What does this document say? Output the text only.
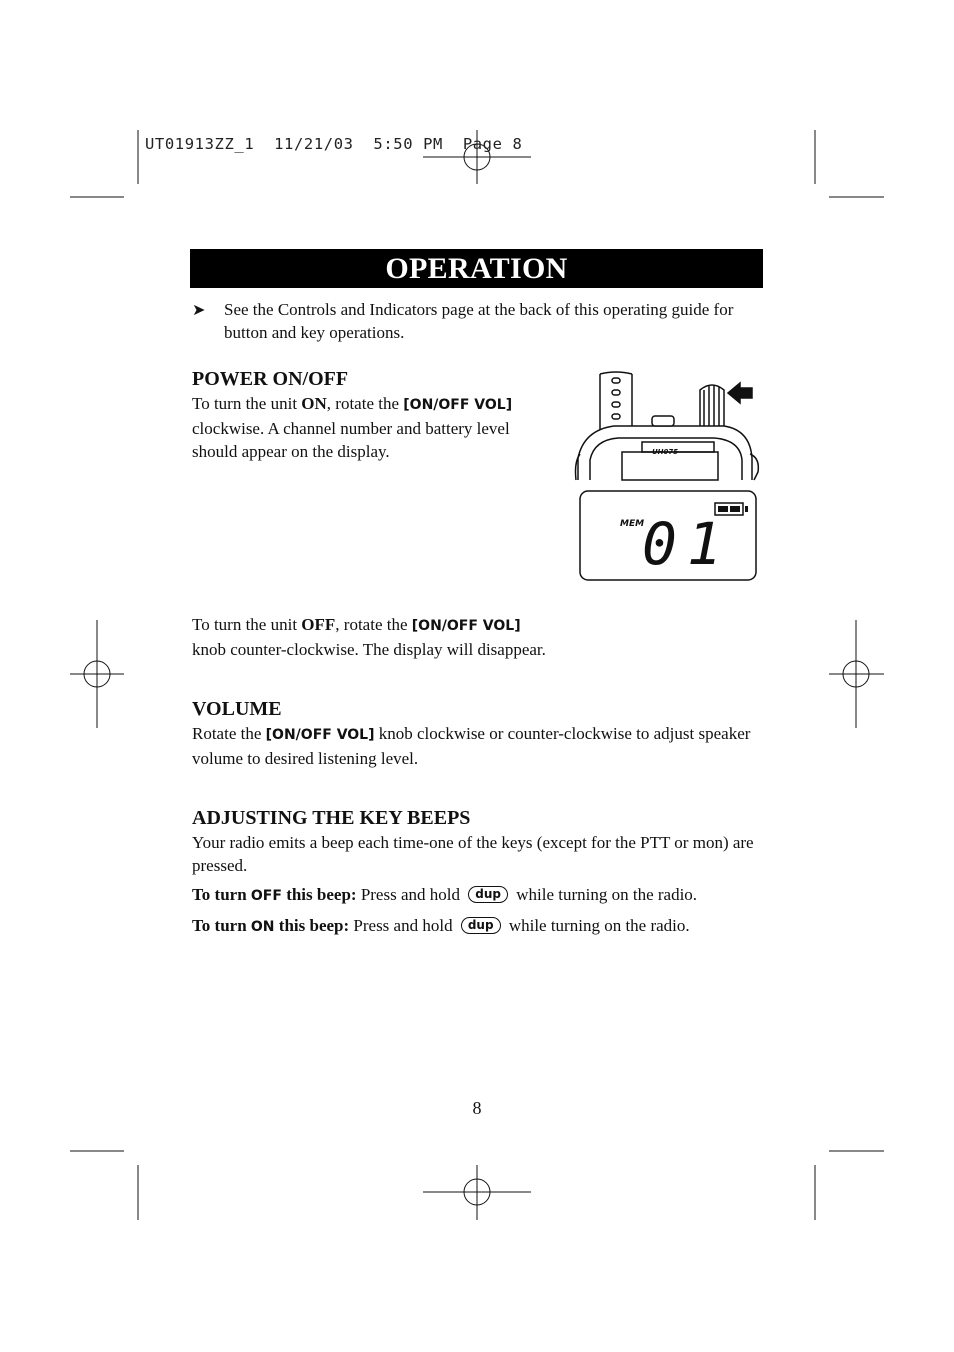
UT01913ZZ_1  11/21/03  5:50 PM  Page 8
OPERATION
➤ See the Controls and Indicators page at the back of this operating guide for button and key operations.

POWER ON/OFF

To turn the unit ON, rotate the [ON/OFF VOL] clockwise. A channel number and battery level should appear on the display.	UH075
MEM
01

To turn the unit OFF, rotate the [ON/OFF VOL]
knob counter-clockwise. The display will disappear.

VOLUME

Rotate the [ON/OFF VOL] knob clockwise or counter-clockwise to adjust speaker volume to desired listening level.

ADJUSTING THE KEY BEEPS

Your radio emits a beep each time-one of the keys (except for the PTT or mon) are pressed.

To turn OFF this beep: Press and hold dup while turning on the radio.

To turn ON this beep: Press and hold dup while turning on the radio.

8
